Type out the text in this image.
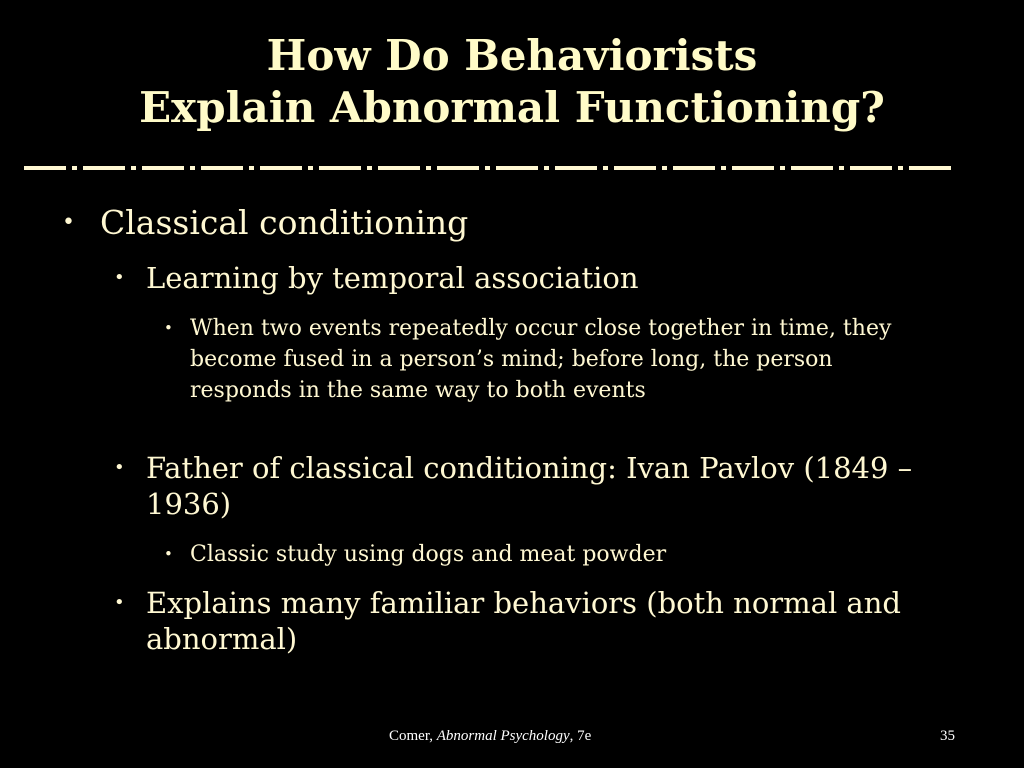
How Do Behaviorists
Explain Abnormal Functioning?
• Classical conditioning
• Learning by temporal association
• When two events repeatedly occur close together in time, they become fused in a person’s mind; before long, the person responds in the same way to both events
• Father of classical conditioning: Ivan Pavlov (1849 – 1936)
• Classic study using dogs and meat powder
• Explains many familiar behaviors (both normal and abnormal)
Comer, Abnormal Psychology, 7e	35
